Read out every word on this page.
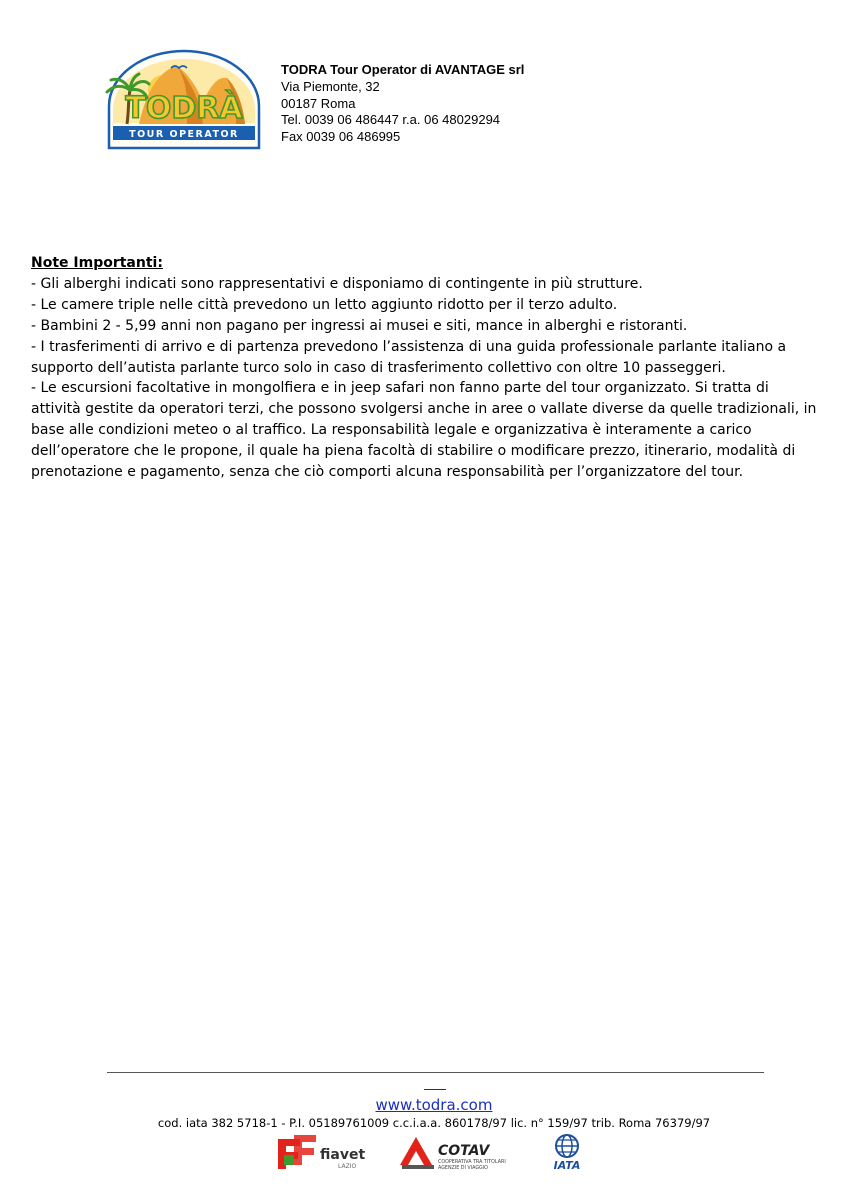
TODRÀ
TOUR OPERATOR
TODRA Tour Operator di AVANTAGE srl
Via Piemonte, 32
00187 Roma
Tel. 0039 06 486447 r.a. 06 48029294
Fax 0039 06 486995

Note Importanti:

- Gli alberghi indicati sono rappresentativi e disponiamo di contingente in più strutture.

- Le camere triple nelle città prevedono un letto aggiunto ridotto per il terzo adulto.

- Bambini 2 - 5,99 anni non pagano per ingressi ai musei e siti, mance in alberghi e ristoranti.

- I trasferimenti di arrivo e di partenza prevedono l’assistenza di una guida professionale parlante italiano a supporto dell’autista parlante turco solo in caso di trasferimento collettivo con oltre 10 passeggeri.

- Le escursioni facoltative in mongolfiera e in jeep safari non fanno parte del tour organizzato. Si tratta di attività gestite da operatori terzi, che possono svolgersi anche in aree o vallate diverse da quelle tradizionali, in base alle condizioni meteo o al traffico. La responsabilità legale e organizzativa è interamente a carico dell’operatore che le propone, il quale ha piena facoltà di stabilire o modificare prezzo, itinerario, modalità di prenotazione e pagamento, senza che ciò comporti alcuna responsabilità per l’organizzatore del tour.

www.todra.com
cod. iata 382 5718-1 - P.I. 05189761009 c.c.i.a.a. 860178/97 lic. n° 159/97 trib. Roma 76379/97
fiavet
LAZIO
COTAV
COOPERATIVA TRA TITOLARI
AGENZIE DI VIAGGIO	IATA
